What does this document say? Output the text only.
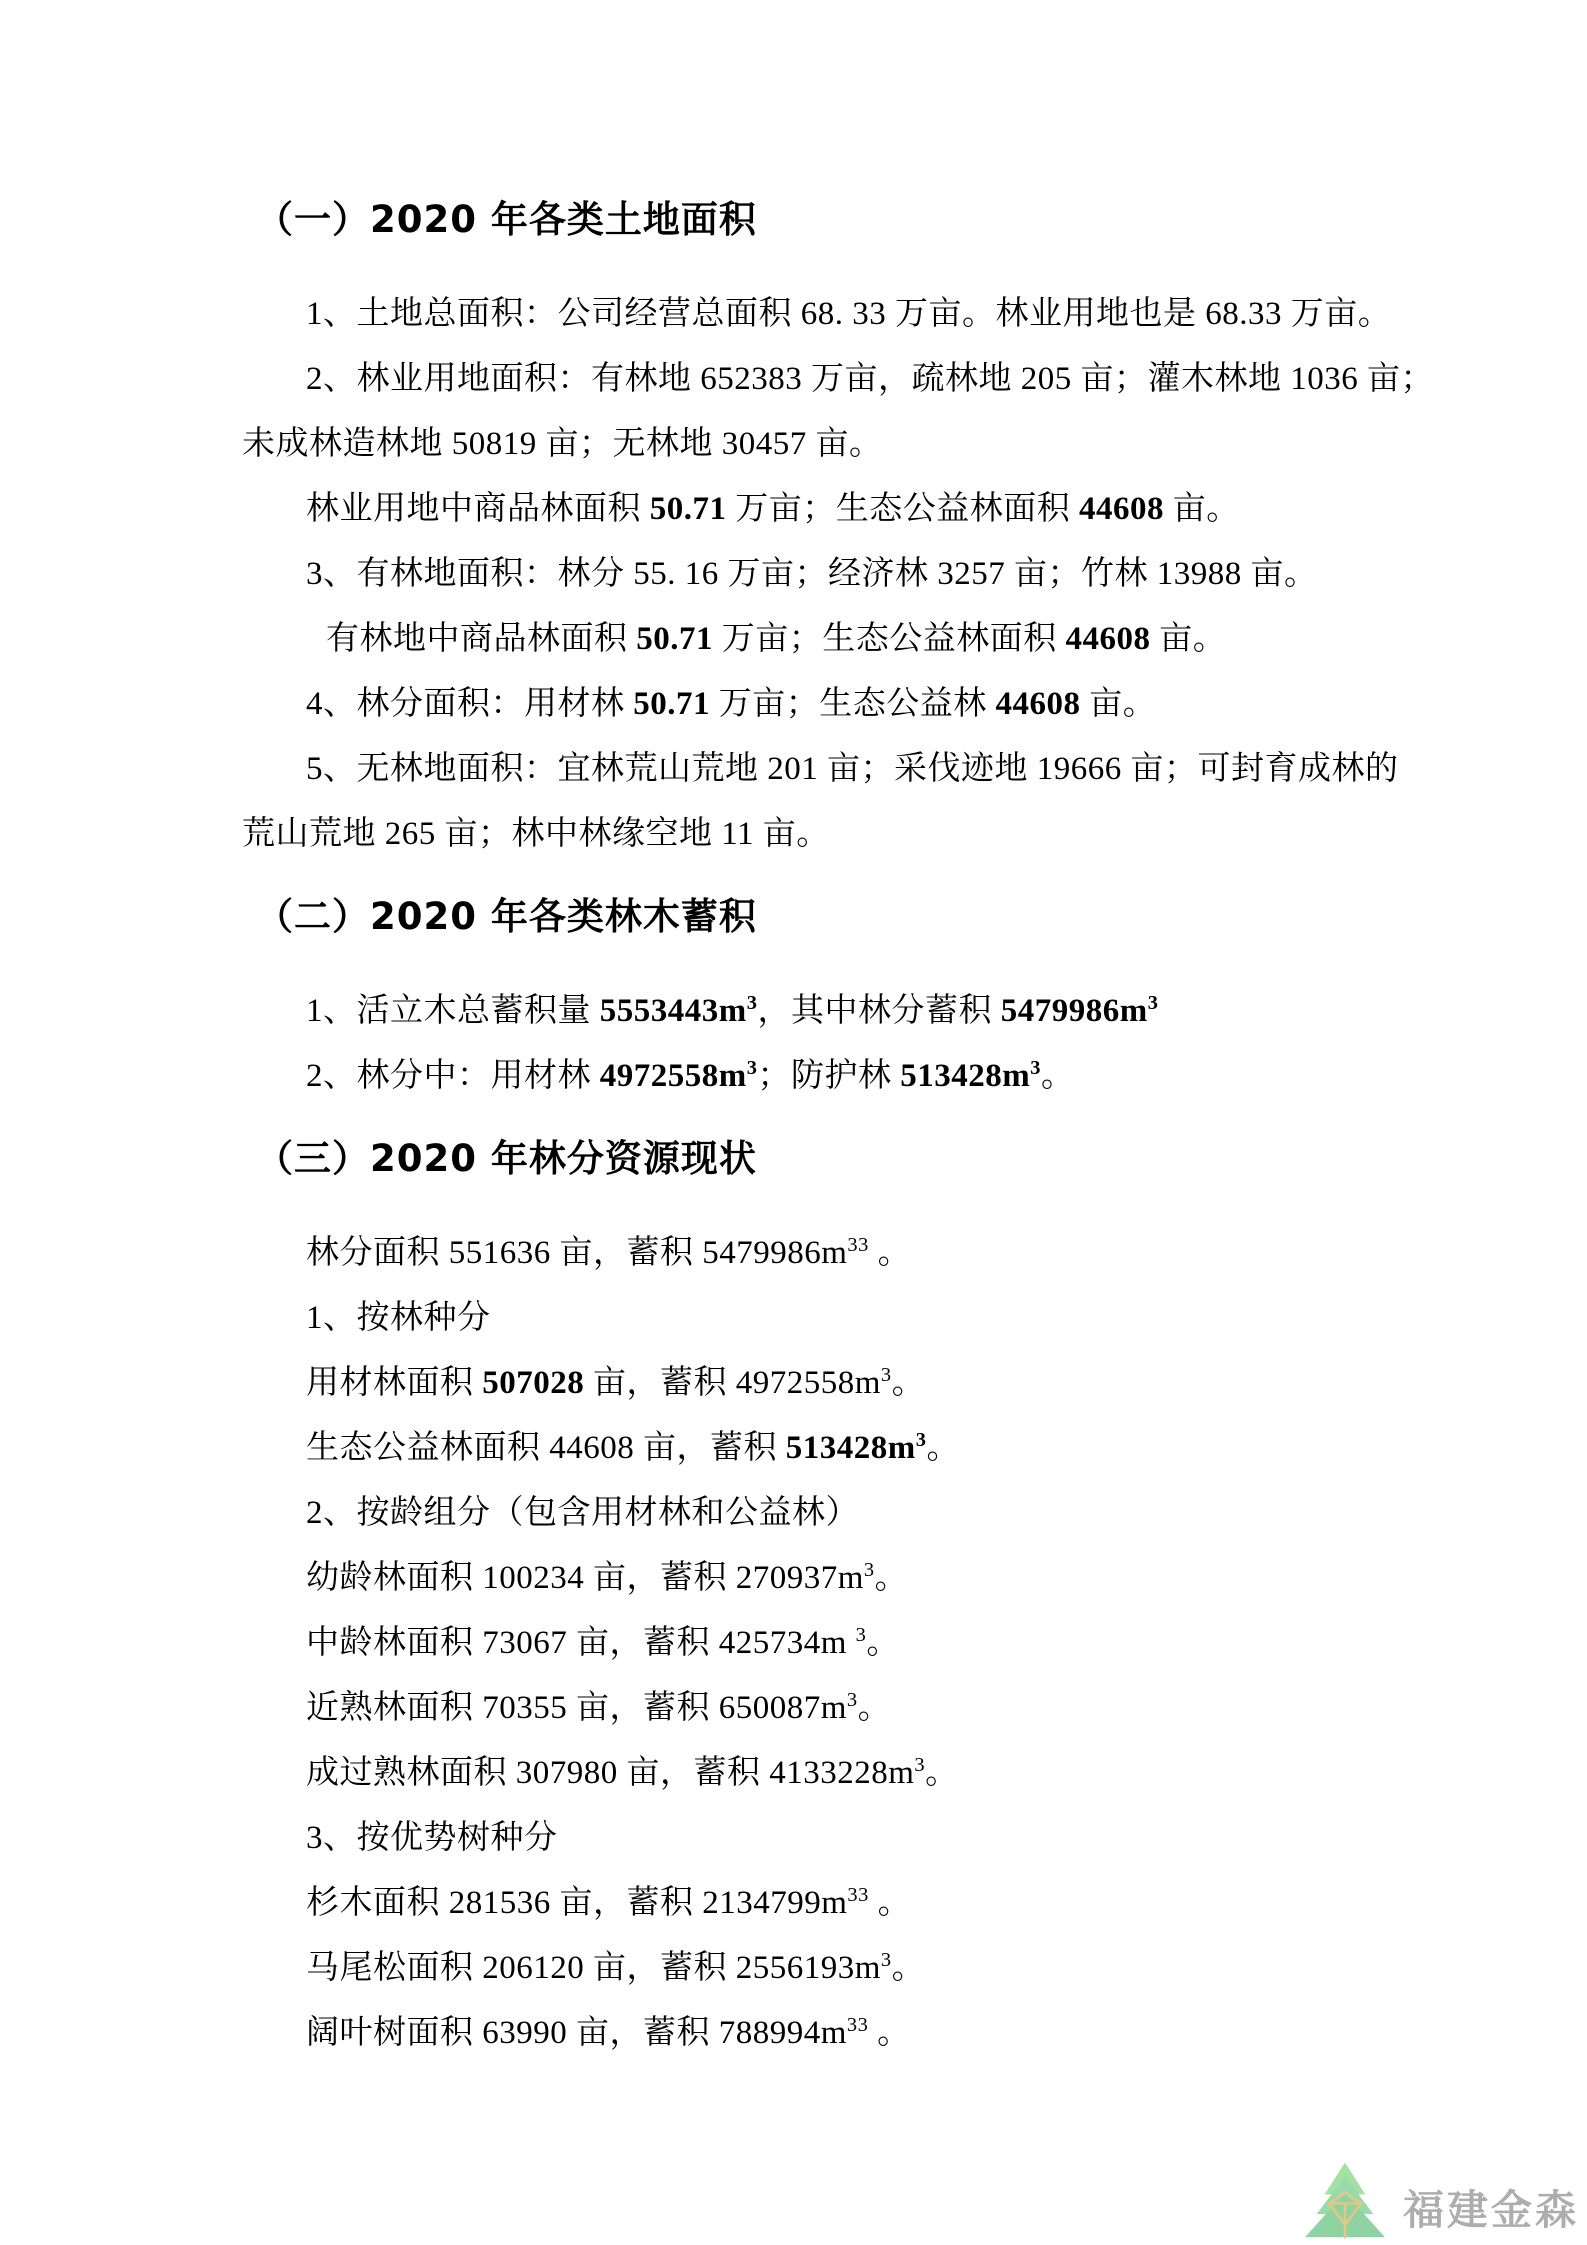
（一）2020 年各类土地面积

1、土地总面积：公司经营总面积 68. 33 万亩。林业用地也是 68.33 万亩。

2、林业用地面积：有林地 652383 万亩，疏林地 205 亩；灌木林地 1036 亩；

未成林造林地 50819 亩；无林地 30457 亩。

林业用地中商品林面积 50.71 万亩；生态公益林面积 44608 亩。

3、有林地面积：林分 55. 16 万亩；经济林 3257 亩；竹林 13988 亩。

有林地中商品林面积 50.71 万亩；生态公益林面积 44608 亩。

4、林分面积：用材林 50.71 万亩；生态公益林 44608 亩。

5、无林地面积：宜林荒山荒地 201 亩；采伐迹地 19666 亩；可封育成林的

荒山荒地 265 亩；林中林缘空地 11 亩。

（二）2020 年各类林木蓄积

1、活立木总蓄积量 $5553443m^3$，其中林分蓄积 $5479986m^3$

2、林分中：用材林 $4972558m^3$；防护林 $513428m^3$。

（三）2020 年林分资源现状

林分面积 551636 亩，蓄积 $5479986m^{33}$ 。

1、按林种分

用材林面积 507028 亩，蓄积 $4972558m^3$。

生态公益林面积 44608 亩，蓄积 $513428m^3$。

2、按龄组分（包含用材林和公益林）

幼龄林面积 100234 亩，蓄积 $270937m^3$。

中龄林面积 73067 亩，蓄积 425734m $^3$。

近熟林面积 70355 亩，蓄积 $650087m^3$。

成过熟林面积 307980 亩，蓄积 $4133228m^3$。

3、按优势树种分

杉木面积 281536 亩，蓄积 $2134799m^{33}$ 。

马尾松面积 206120 亩，蓄积 $2556193m^3$。

阔叶树面积 63990 亩，蓄积 $788994m^{33}$ 。

福建金森
